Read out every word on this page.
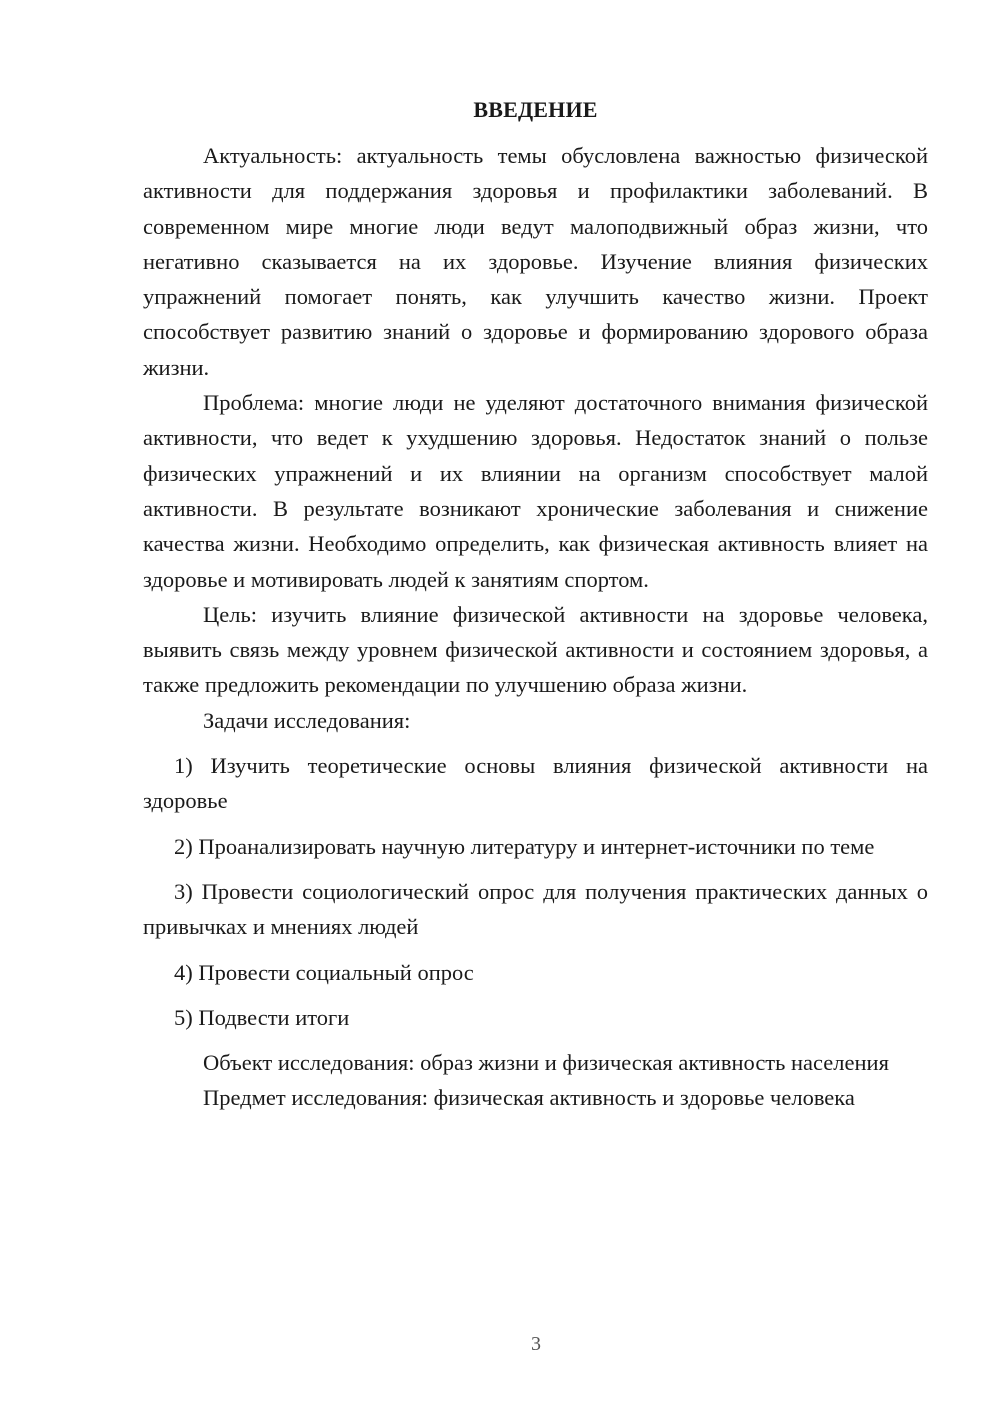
ВВЕДЕНИЕ

Актуальность: актуальность темы обусловлена важностью физической активности для поддержания здоровья и профилактики заболеваний. В современном мире многие люди ведут малоподвижный образ жизни, что негативно сказывается на их здоровье. Изучение влияния физических упражнений помогает понять, как улучшить качество жизни. Проект способствует развитию знаний о здоровье и формированию здорового образа жизни.

Проблема: многие люди не уделяют достаточного внимания физической активности, что ведет к ухудшению здоровья. Недостаток знаний о пользе физических упражнений и их влиянии на организм способствует малой активности. В результате возникают хронические заболевания и снижение качества жизни. Необходимо определить, как физическая активность влияет на здоровье и мотивировать людей к занятиям спортом.

Цель: изучить влияние физической активности на здоровье человека, выявить связь между уровнем физической активности и состоянием здоровья, а также предложить рекомендации по улучшению образа жизни.

Задачи исследования:

1) Изучить теоретические основы влияния физической активности на здоровье

2) Проанализировать научную литературу и интернет-источники по теме

3) Провести социологический опрос для получения практических данных о привычках и мнениях людей

4) Провести социальный опрос

5) Подвести итоги

Объект исследования: образ жизни и физическая активность населения

Предмет исследования: физическая активность и здоровье человека

3
